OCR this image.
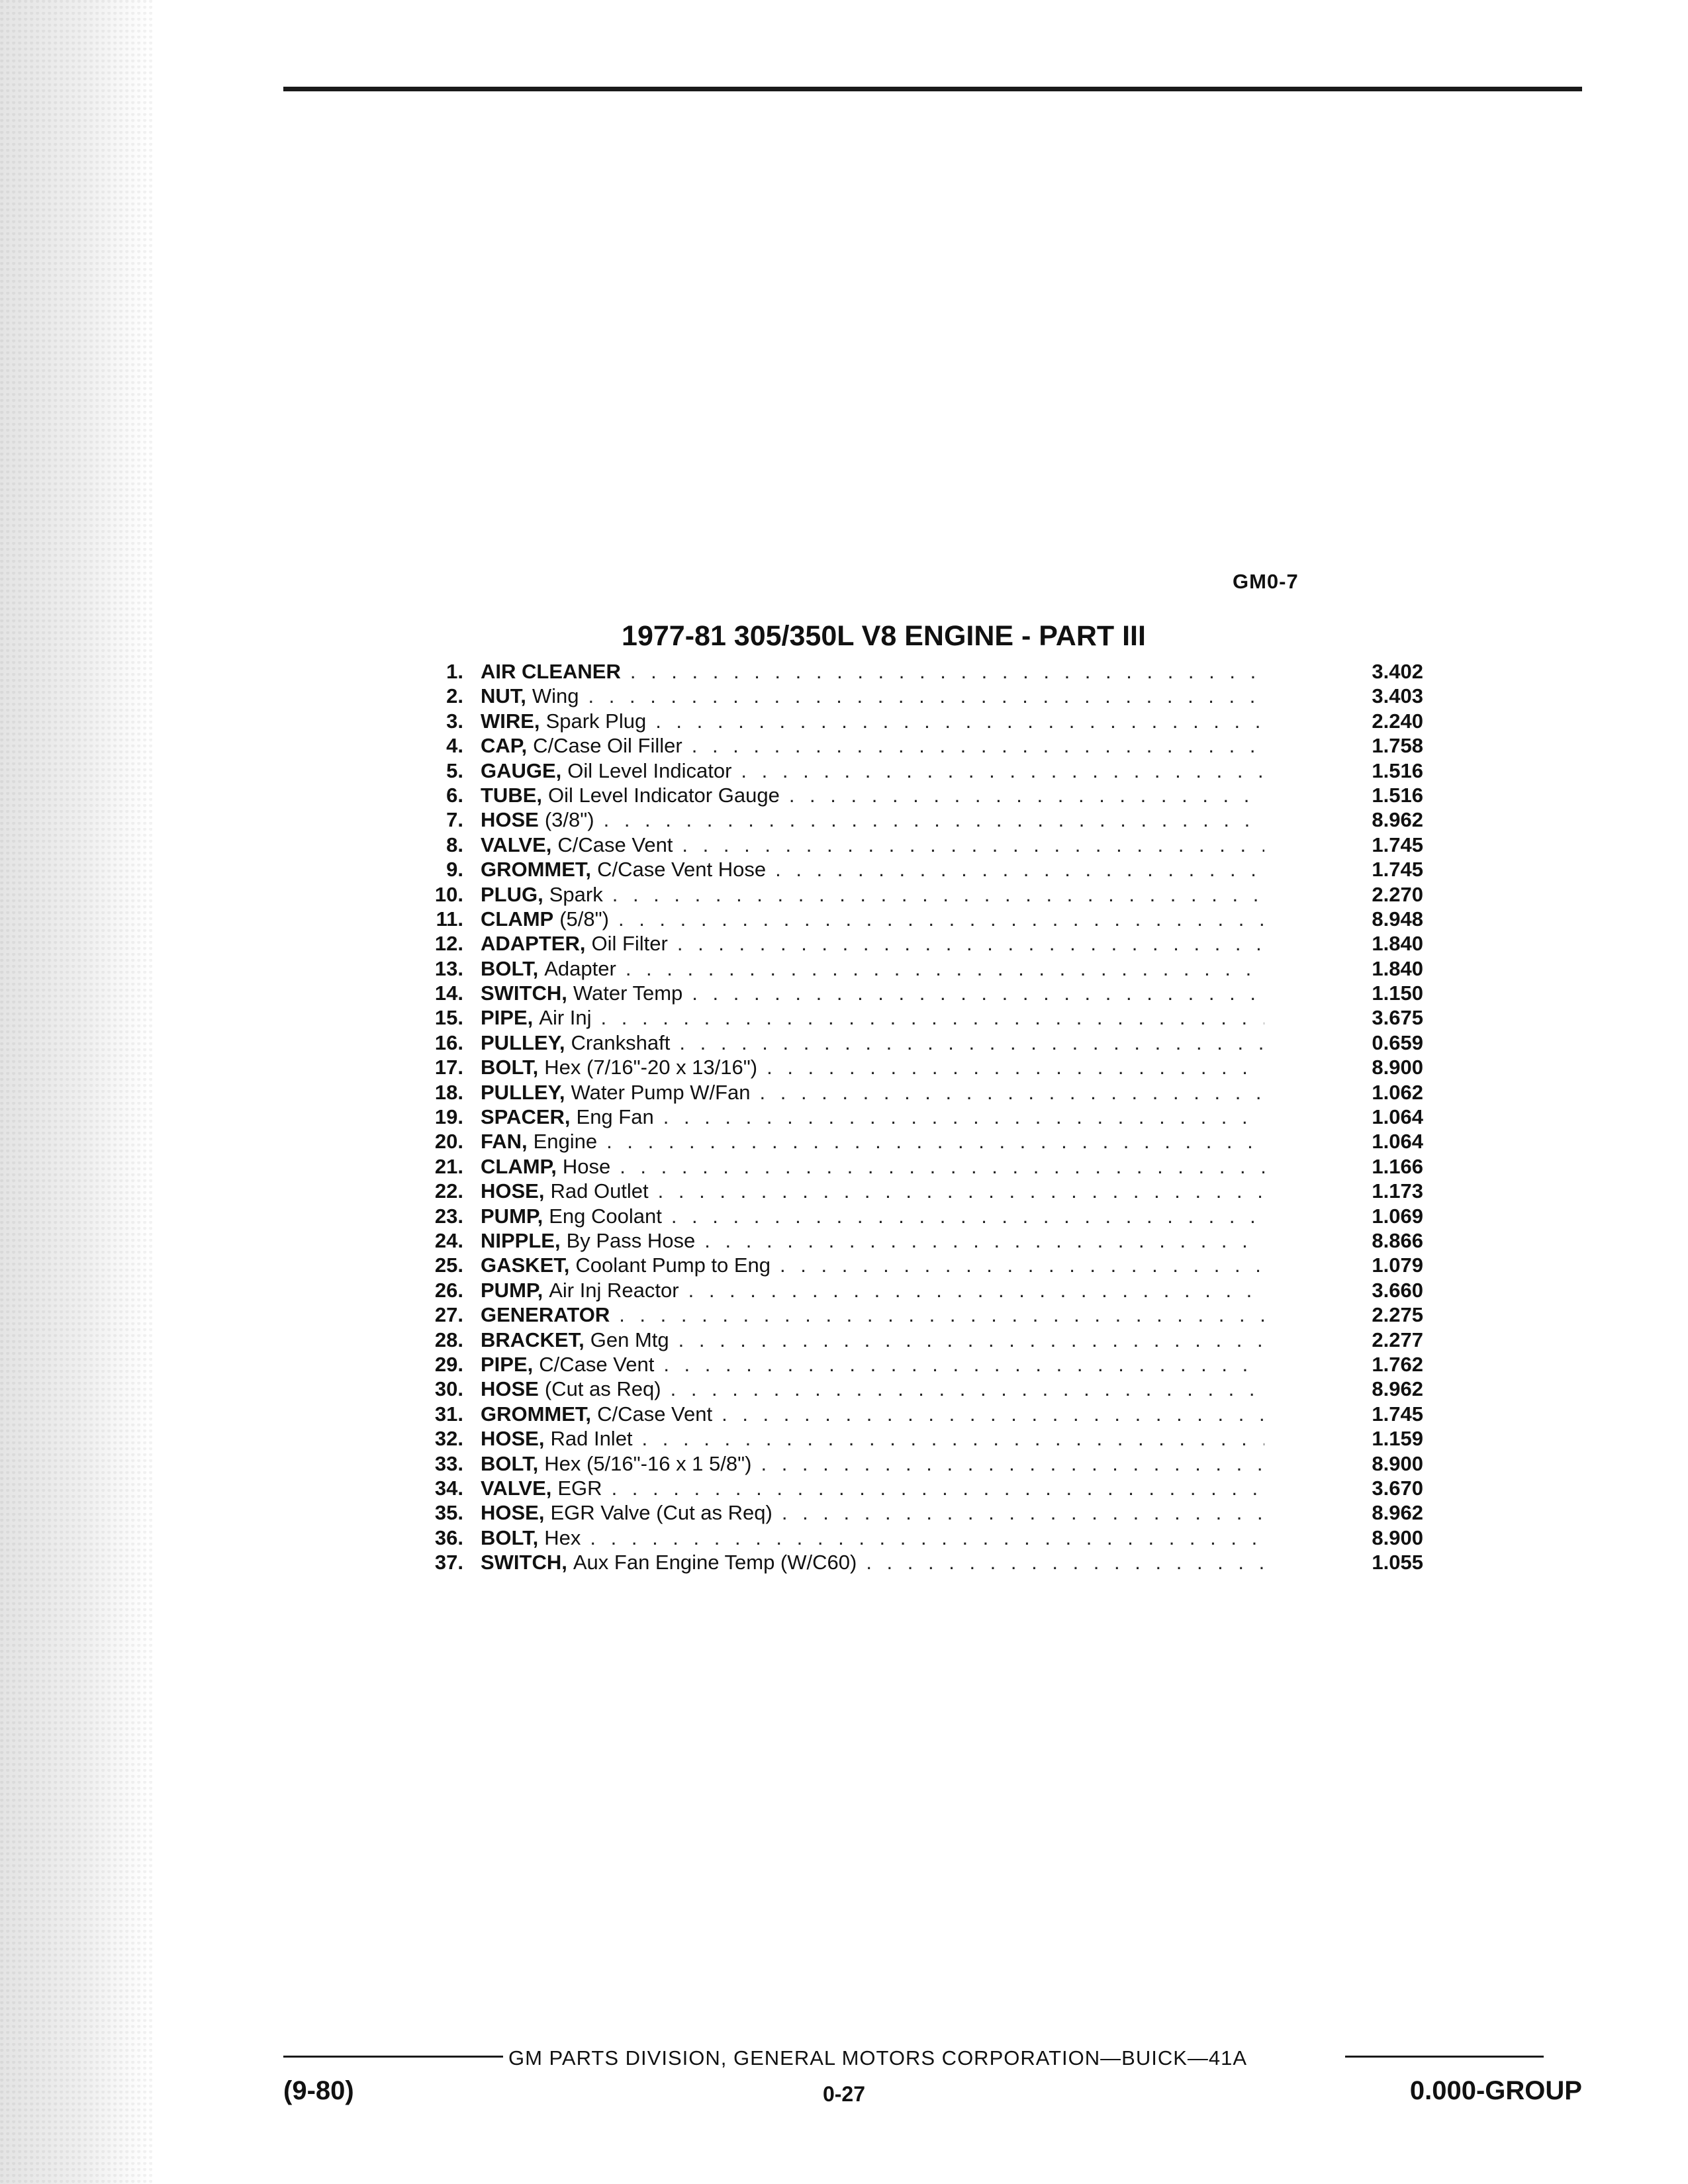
GM0-7
1977-81 305/350L V8 ENGINE - PART III
1. AIR CLEANER . . .	3.402
2. NUT, Wing . . .	3.403
3. WIRE, Spark Plug . . .	2.240
4. CAP, C/Case Oil Filler . . .	1.758
5. GAUGE, Oil Level Indicator . . .	1.516
6. TUBE, Oil Level Indicator Gauge . . .	1.516
7. HOSE (3/8") . . .	8.962
8. VALVE, C/Case Vent . . .	1.745
9. GROMMET, C/Case Vent Hose . . .	1.745
10. PLUG, Spark . . .	2.270
11. CLAMP (5/8") . . .	8.948
12. ADAPTER, Oil Filter . . .	1.840
13. BOLT, Adapter . . .	1.840
14. SWITCH, Water Temp . . .	1.150
15. PIPE, Air Inj . . .	3.675
16. PULLEY, Crankshaft . . .	0.659
17. BOLT, Hex (7/16"-20 x 13/16") . . .	8.900
18. PULLEY, Water Pump W/Fan . . .	1.062
19. SPACER, Eng Fan . . .	1.064
20. FAN, Engine . . .	1.064
21. CLAMP, Hose . . .	1.166
22. HOSE, Rad Outlet . . .	1.173
23. PUMP, Eng Coolant . . .	1.069
24. NIPPLE, By Pass Hose . . .	8.866
25. GASKET, Coolant Pump to Eng . . .	1.079
26. PUMP, Air Inj Reactor . . .	3.660
27. GENERATOR . . .	2.275
28. BRACKET, Gen Mtg . . .	2.277
29. PIPE, C/Case Vent . . .	1.762
30. HOSE (Cut as Req) . . .	8.962
31. GROMMET, C/Case Vent . . .	1.745
32. HOSE, Rad Inlet . . .	1.159
33. BOLT, Hex (5/16"-16 x 1 5/8") . . .	8.900
34. VALVE, EGR . . .	3.670
35. HOSE, EGR Valve (Cut as Req) . . .	8.962
36. BOLT, Hex . . .	8.900
37. SWITCH, Aux Fan Engine Temp (W/C60) . . .	1.055
GM PARTS DIVISION, GENERAL MOTORS CORPORATION—BUICK—41A
(9-80)	0-27	0.000-GROUP
